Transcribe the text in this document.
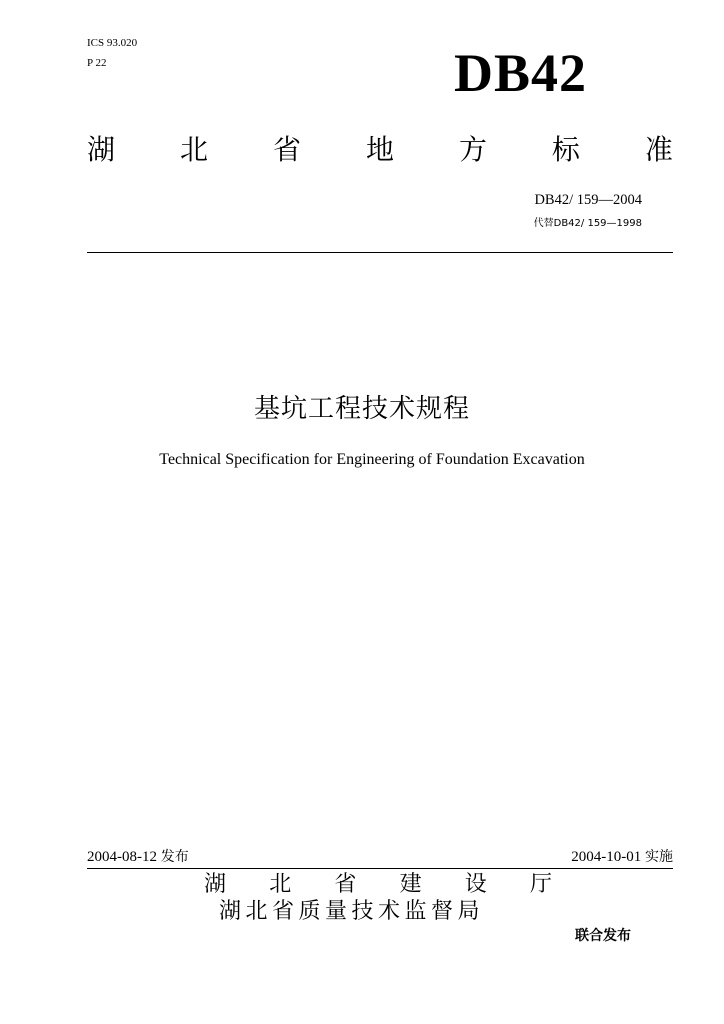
ICS 93.020
P 22	DB42
湖 北 省 地 方 标 准
DB42/ 159—2004
代替DB42/ 159—1998
基坑工程技术规程
Technical Specification for Engineering of Foundation Excavation
2004-08-12 发布	2004-10-01 实施
湖 北 省 建 设 厅
湖北省质量技术监督局
联合发布
